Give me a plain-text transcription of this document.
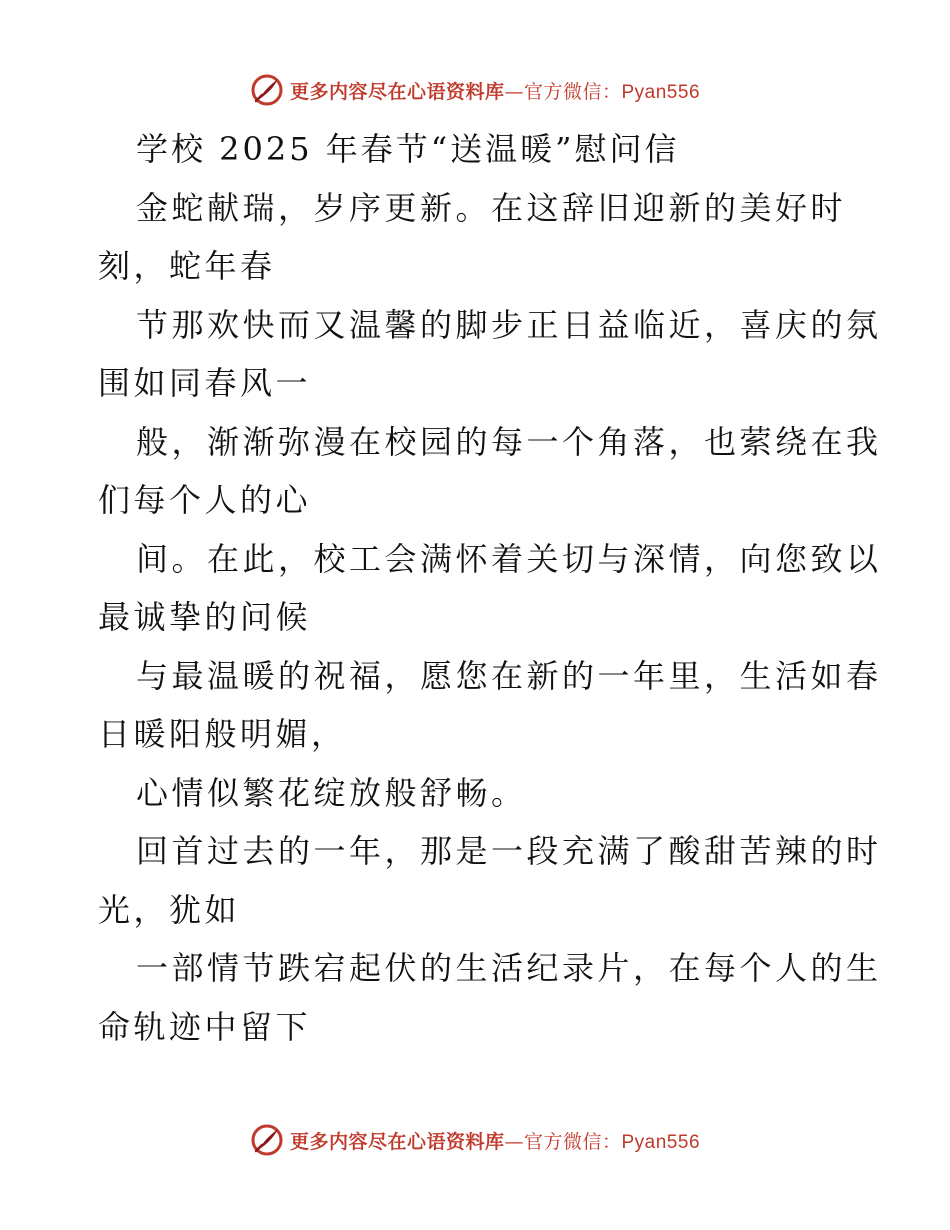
更多内容尽在心语资料库—官方微信：Pyan556
学校 2025 年春节“送温暖”慰问信
金蛇献瑞，岁序更新。在这辞旧迎新的美好时
刻，蛇年春
节那欢快而又温馨的脚步正日益临近，喜庆的氛
围如同春风一
般，渐渐弥漫在校园的每一个角落，也萦绕在我
们每个人的心
间。在此，校工会满怀着关切与深情，向您致以
最诚挚的问候
与最温暖的祝福，愿您在新的一年里，生活如春
日暖阳般明媚，
心情似繁花绽放般舒畅。
回首过去的一年，那是一段充满了酸甜苦辣的时
光，犹如
一部情节跌宕起伏的生活纪录片，在每个人的生
命轨迹中留下
更多内容尽在心语资料库—官方微信：Pyan556
